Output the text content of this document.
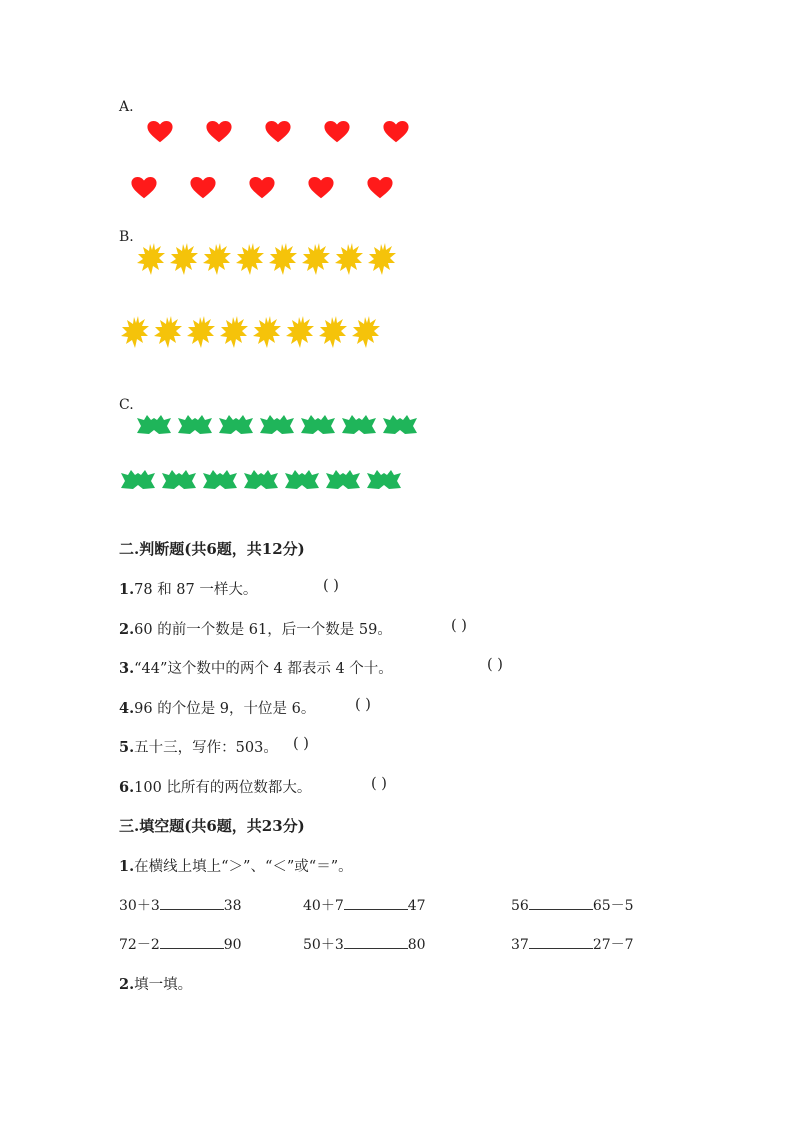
A.
B.
C.
二.判断题(共6题，共12分)
1.78 和 87 一样大。	( )
2.60 的前一个数是 61，后一个数是 59。	( )
3.“44”这个数中的两个 4 都表示 4 个十。	( )
4.96 的个位是 9，十位是 6。	( )
5.五十三，写作：503。 ( )
6.100 比所有的两位数都大。	( )
三.填空题(共6题，共23分)
1.在横线上填上“＞”、“＜”或“＝”。
30＋3	38	40＋7	47	56	65－5
72－2	90	50＋3	80	37	27－7
2.填一填。
